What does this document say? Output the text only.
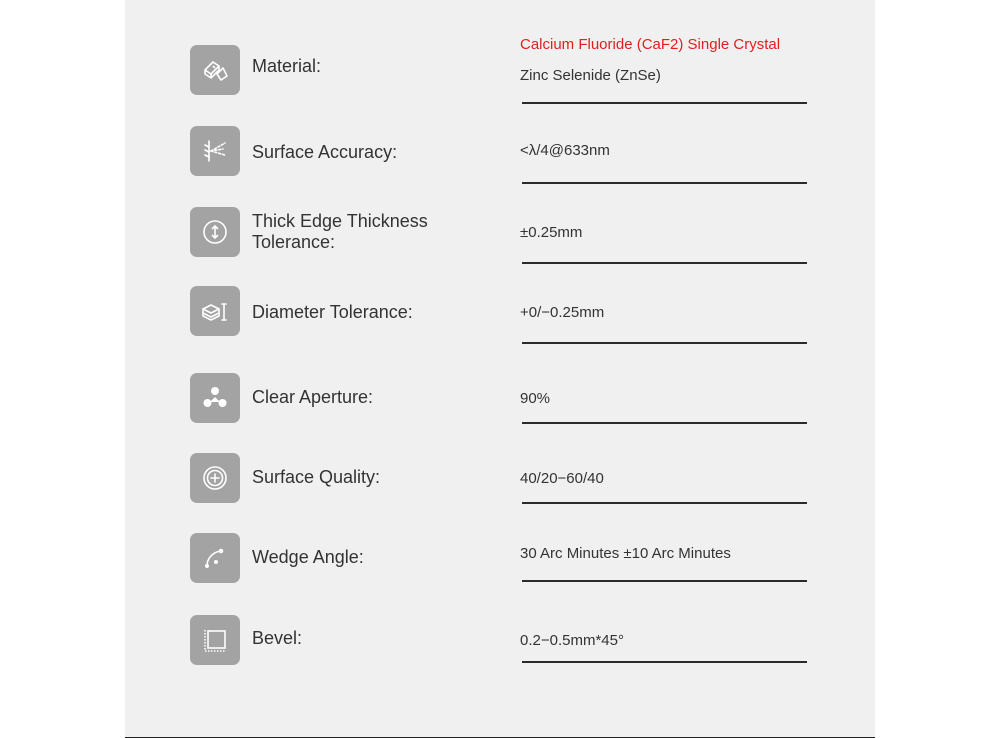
Material:
Calcium Fluoride (CaF2) Single Crystal
Zinc Selenide (ZnSe)
Surface Accuracy:	<λ/4@633nm
Thick Edge Thickness Tolerance:	±0.25mm
Diameter Tolerance:	+0/−0.25mm
Clear Aperture:	90%
Surface Quality:	40/20−60/40
Wedge Angle:	30 Arc Minutes ±10 Arc Minutes
Bevel:	0.2−0.5mm*45°
